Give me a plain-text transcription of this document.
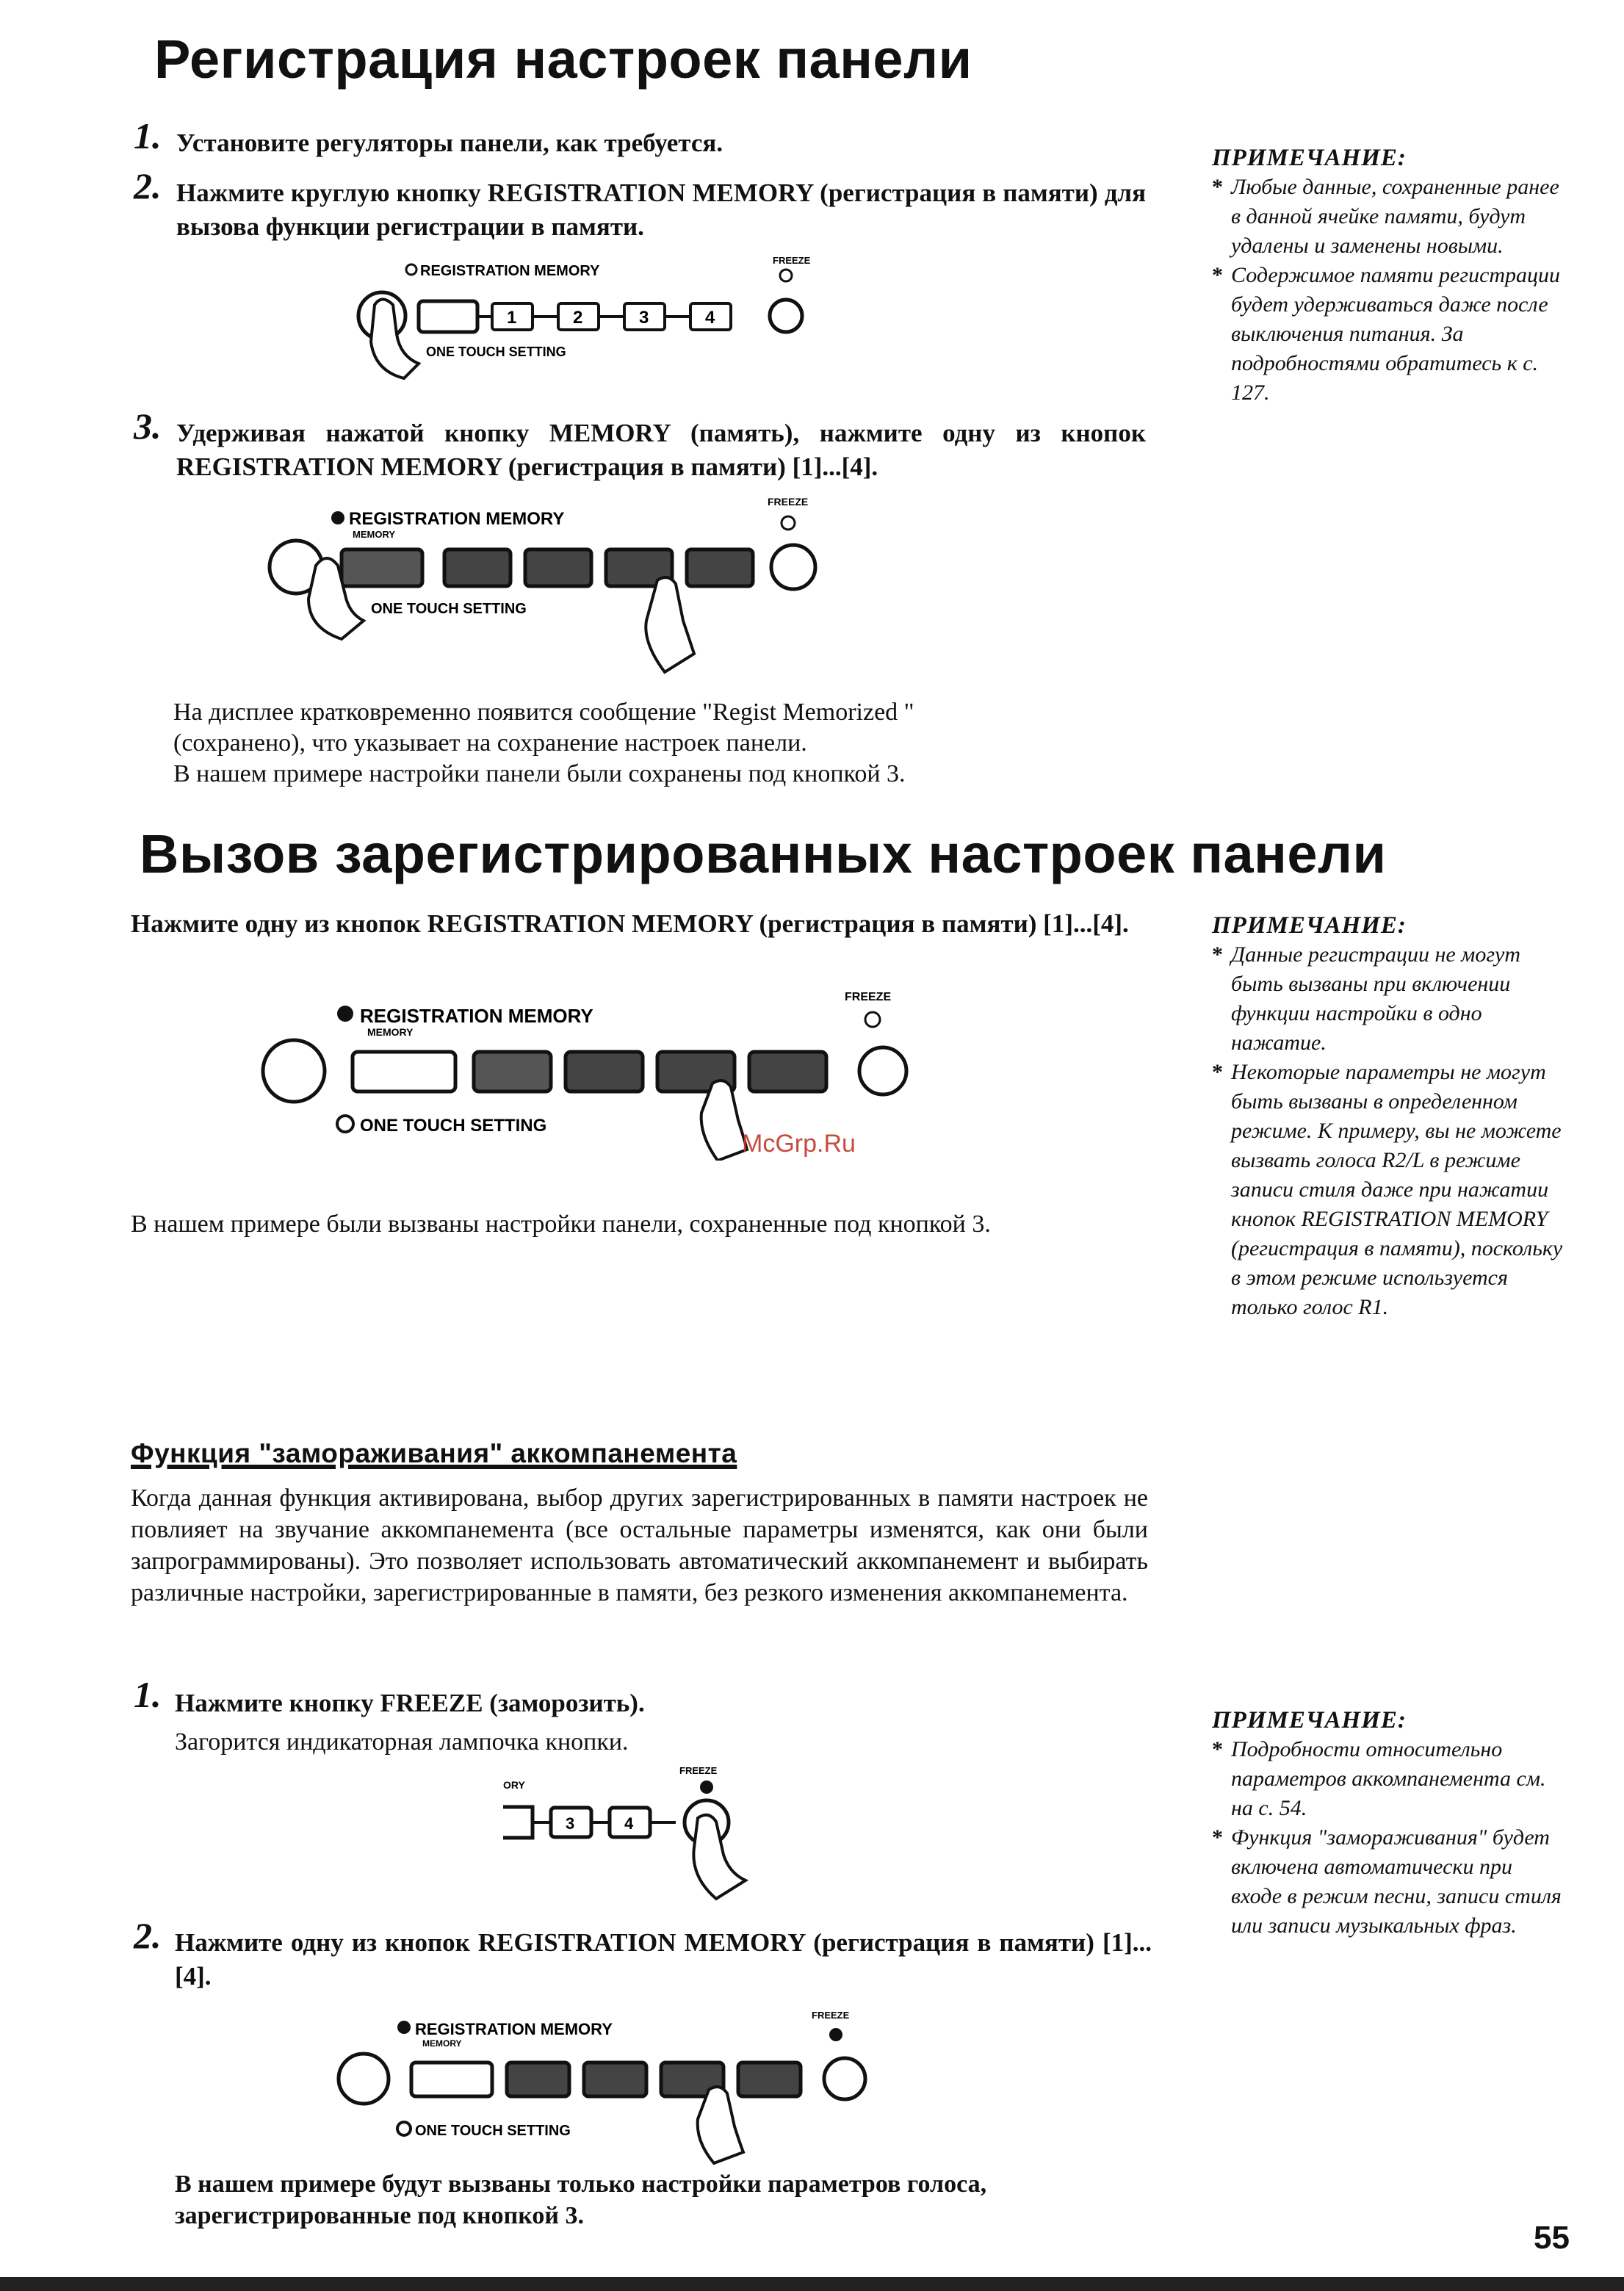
Регистрация настроек панели
1. Установите регуляторы панели, как требуется.
2. Нажмите круглую кнопку REGISTRATION MEMORY (регистрация в памяти) для вызова функции регистрации в памяти.
REGISTRATION MEMORY
FREEZE
1	2	3	4
ONE TOUCH SETTING
3. Удерживая нажатой кнопку MEMORY (память), нажмите одну из кнопок REGISTRATION MEMORY (регистрация в памяти) [1]...[4].
REGISTRATION MEMORY
MEMORY
FREEZE
ONE TOUCH SETTING
На дисплее кратковременно появится сообщение "Regist Memorized "
(сохранено), что указывает на сохранение настроек панели.
В нашем примере настройки панели были сохранены под кнопкой 3.
ПРИМЕЧАНИЕ:
* Любые данные, сохраненные ранее в данной ячейке памяти, будут удалены и заменены новыми.
* Содержимое памяти регистрации будет удерживаться даже после выключения питания. За подробностями обратитесь к с. 127.
Вызов зарегистрированных настроек панели
Нажмите одну из кнопок REGISTRATION MEMORY (регистрация в памяти) [1]...[4].
REGISTRATION MEMORY
MEMORY
FREEZE
ONE TOUCH SETTING
McGrp.Ru
В нашем примере были вызваны настройки панели, сохраненные под кнопкой 3.
ПРИМЕЧАНИЕ:
* Данные регистрации не могут быть вызваны при включении функции настройки в одно нажатие.
* Некоторые параметры не могут быть вызваны в определенном режиме. К примеру, вы не можете вызвать голоса R2/L в режиме записи стиля даже при нажатии кнопок REGISTRATION MEMORY (регистрация в памяти), поскольку в этом режиме используется только голос R1.
Функция "замораживания" аккомпанемента
Когда данная функция активирована, выбор других зарегистрированных в памяти настроек не повлияет на звучание аккомпанемента (все остальные параметры изменятся, как они были запрограммированы). Это позволяет использовать автоматический аккомпанемент и выбирать различные настройки, зарегистрированные в памяти, без резкого изменения аккомпанемента.
1. Нажмите кнопку FREEZE (заморозить).
Загорится индикаторная лампочка кнопки.
ORY
FREEZE
3	4
2. Нажмите одну из кнопок REGISTRATION MEMORY (регистрация в памяти) [1]...[4].
REGISTRATION MEMORY
MEMORY
FREEZE
ONE TOUCH SETTING
В нашем примере будут вызваны только настройки параметров голоса,
зарегистрированные под кнопкой 3.
ПРИМЕЧАНИЕ:
* Подробности относительно параметров аккомпанемента см. на с. 54.
* Функция "замораживания" будет включена автоматически при входе в режим песни, записи стиля или записи музыкальных фраз.
55
